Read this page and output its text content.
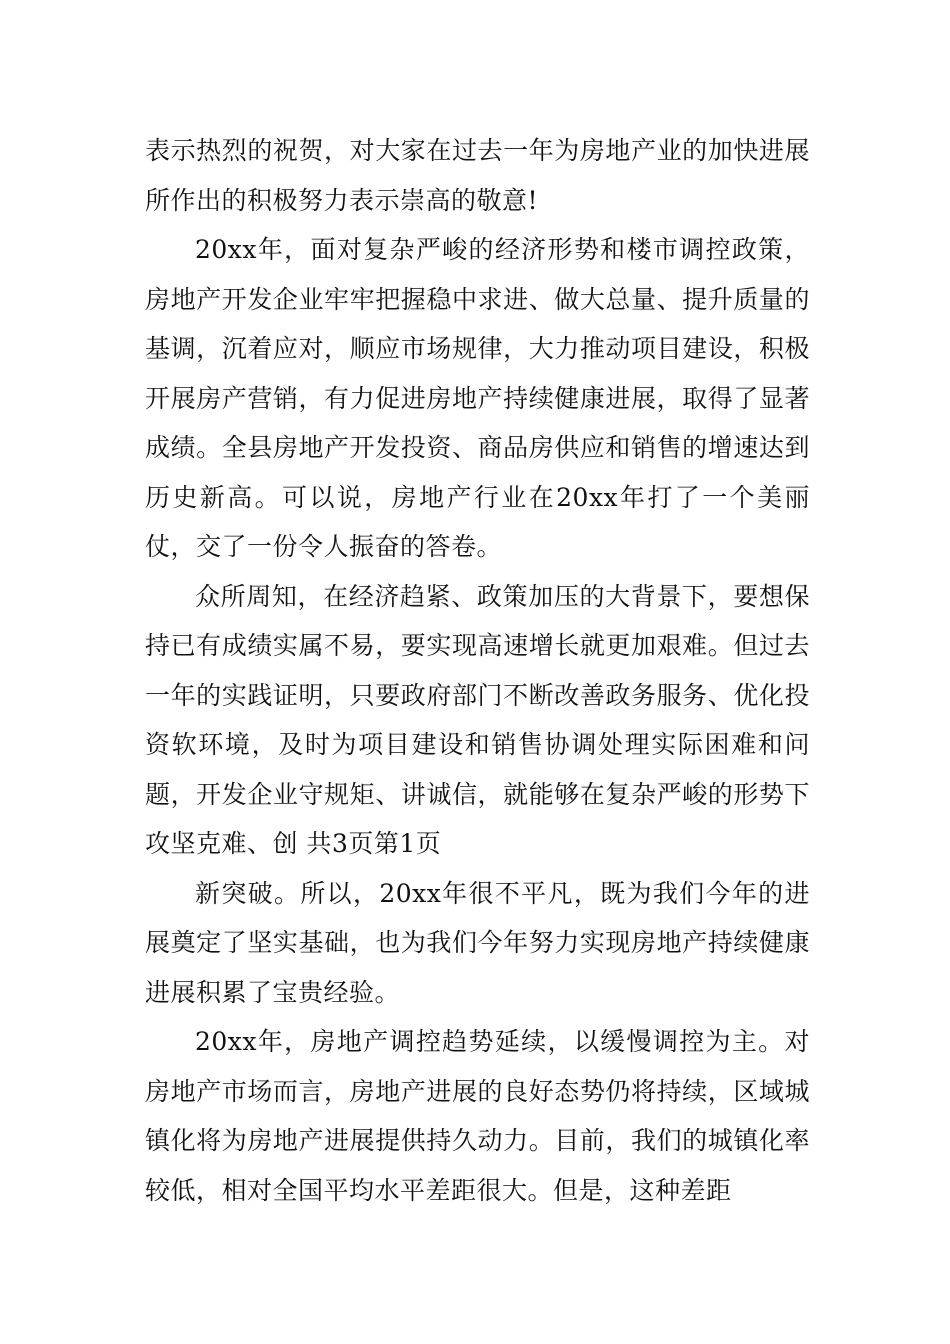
表示热烈的祝贺，对大家在过去一年为房地产业的加快进展所作出的积极努力表示崇高的敬意!

20xx年，面对复杂严峻的经济形势和楼市调控政策，房地产开发企业牢牢把握稳中求进、做大总量、提升质量的基调，沉着应对，顺应市场规律，大力推动项目建设，积极开展房产营销，有力促进房地产持续健康进展，取得了显著成绩。全县房地产开发投资、商品房供应和销售的增速达到历史新高。可以说，房地产行业在20xx年打了一个美丽仗，交了一份令人振奋的答卷。

众所周知，在经济趋紧、政策加压的大背景下，要想保持已有成绩实属不易，要实现高速增长就更加艰难。但过去一年的实践证明，只要政府部门不断改善政务服务、优化投资软环境，及时为项目建设和销售协调处理实际困难和问题，开发企业守规矩、讲诚信，就能够在复杂严峻的形势下攻坚克难、创 共3页第1页

新突破。所以，20xx年很不平凡，既为我们今年的进展奠定了坚实基础，也为我们今年努力实现房地产持续健康进展积累了宝贵经验。

20xx年，房地产调控趋势延续，以缓慢调控为主。对房地产市场而言，房地产进展的良好态势仍将持续，区域城镇化将为房地产进展提供持久动力。目前，我们的城镇化率较低，相对全国平均水平差距很大。但是，这种差距
